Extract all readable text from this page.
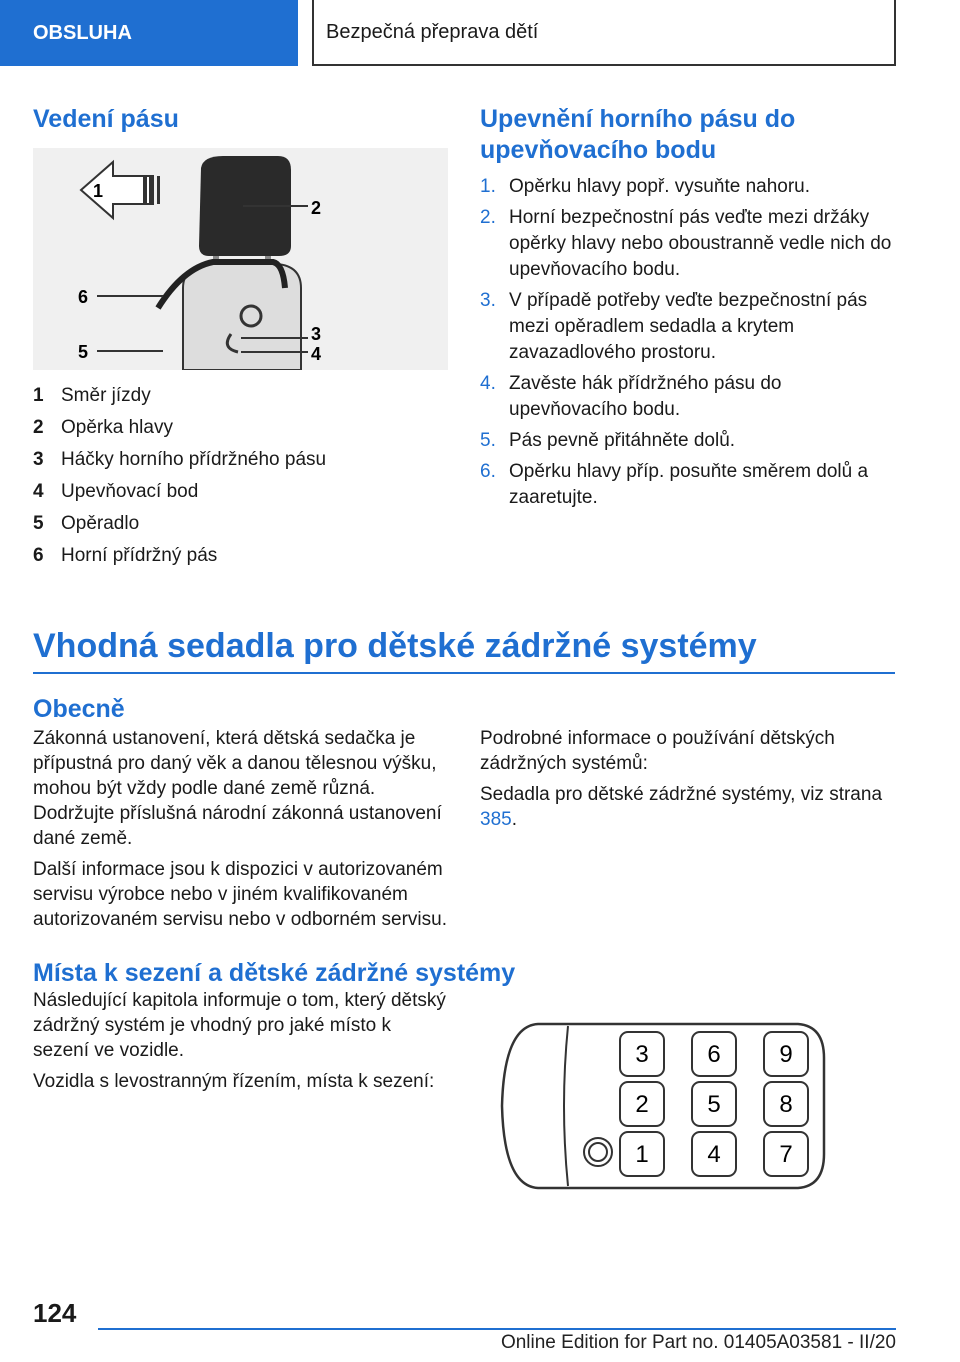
OBSLUHA	Bezpečná přeprava dětí
Vedení pásu
1
2
6
3
5	4
1 Směr jízdy
2 Opěrka hlavy
3 Háčky horního přídržného pásu
4 Upevňovací bod
5 Opěradlo
6 Horní přídržný pás
Upevnění horního pásu do upevňovacího bodu
1. Opěrku hlavy popř. vysuňte nahoru.
2. Horní bezpečnostní pás veďte mezi držáky opěrky hlavy nebo oboustranně vedle nich do upevňovacího bodu.
3. V případě potřeby veďte bezpečnostní pás mezi opěradlem sedadla a krytem zavazadlového prostoru.
4. Zavěste hák přídržného pásu do upevňovacího bodu.
5. Pás pevně přitáhněte dolů.
6. Opěrku hlavy příp. posuňte směrem dolů a zaaretujte.
Vhodná sedadla pro dětské zádržné systémy
Obecně

Zákonná ustanovení, která dětská sedačka je přípustná pro daný věk a danou tělesnou výšku, mohou být vždy podle dané země různá. Dodržujte příslušná národní zákonná ustanovení dané země.

Další informace jsou k dispozici v autorizovaném servisu výrobce nebo v jiném kvalifikovaném autorizovaném servisu nebo v odborném servisu.

Podrobné informace o používání dětských zádržných systémů:

Sedadla pro dětské zádržné systémy, viz strana 385.

Místa k sezení a dětské zádržné systémy

Následující kapitola informuje o tom, který dětský zádržný systém je vhodný pro jaké místo k sezení ve vozidle.

Vozidla s levostranným řízením, místa k sezení:

3 6 9
2 5 8
1 4 7
124
Online Edition for Part no. 01405A03581 - II/20
